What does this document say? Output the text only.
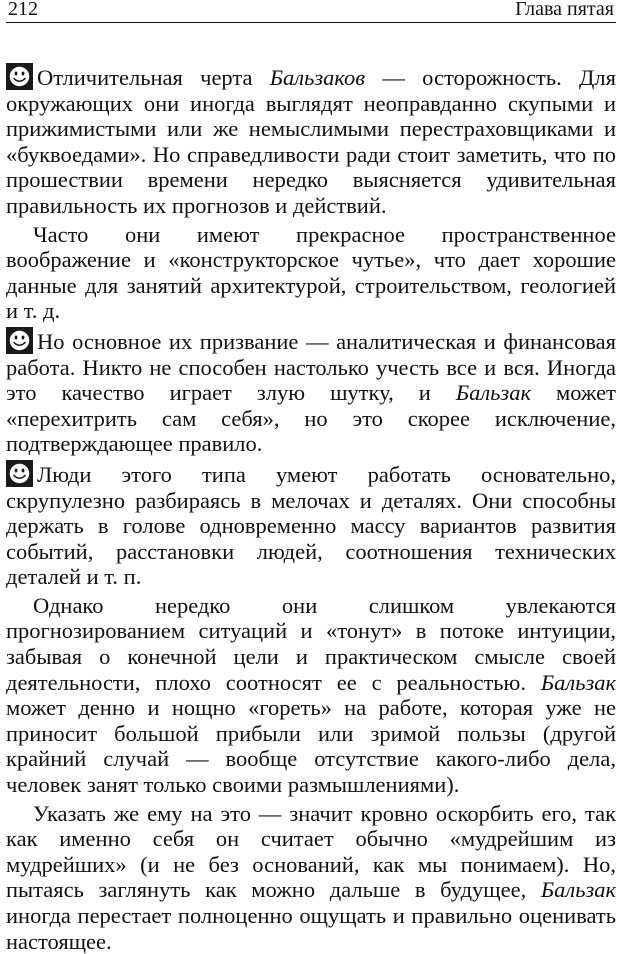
212	Глава пятая

Отличительная черта Бальзаков — осторожность. Для окружающих они иногда выглядят неоправданно скупыми и прижимистыми или же немыслимыми перестраховщиками и «буквоедами». Но справедливости ради стоит заметить, что по прошествии времени нередко выясняется удивительная правильность их прогнозов и действий.

Часто они имеют прекрасное пространственное воображение и «конструкторское чутье», что дает хорошие данные для занятий архитектурой, строительством, геологией и т. д.

Но основное их призвание — аналитическая и финансовая работа. Никто не способен настолько учесть все и вся. Иногда это качество играет злую шутку, и Бальзак может «перехитрить сам себя», но это скорее исключение, подтверждающее правило.

Люди этого типа умеют работать основательно, скрупулезно разбираясь в мелочах и деталях. Они способны держать в голове одновременно массу вариантов развития событий, расстановки людей, соотношения технических деталей и т. п.

Однако нередко они слишком увлекаются прогнозированием ситуаций и «тонут» в потоке интуиции, забывая о конечной цели и практическом смысле своей деятельности, плохо соотносят ее с реальностью. Бальзак может денно и нощно «гореть» на работе, которая уже не приносит большой прибыли или зримой пользы (другой крайний случай — вообще отсутствие какого-либо дела, человек занят только своими размышлениями).

Указать же ему на это — значит кровно оскорбить его, так как именно себя он считает обычно «мудрейшим из мудрейших» (и не без оснований, как мы понимаем). Но, пытаясь заглянуть как можно дальше в будущее, Бальзак иногда перестает полноценно ощущать и правильно оценивать настоящее.
